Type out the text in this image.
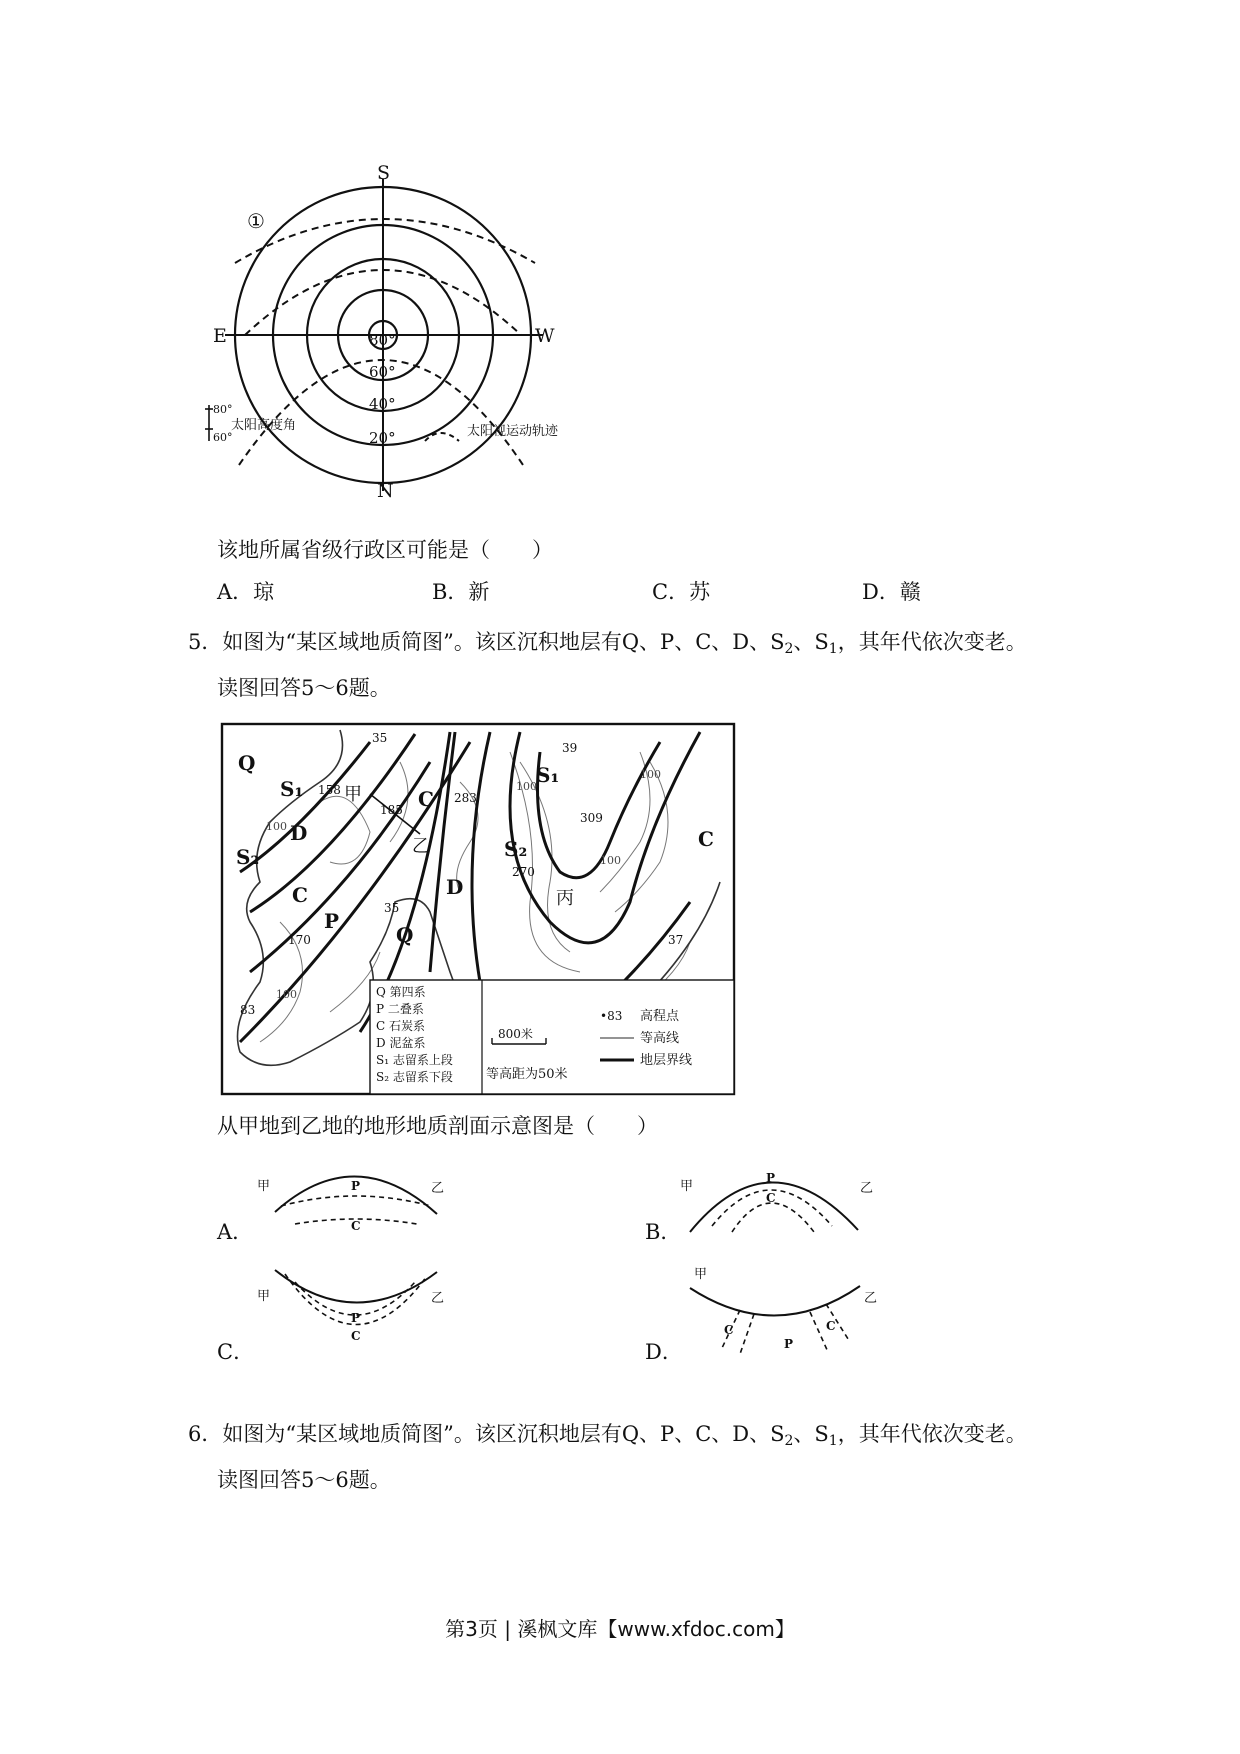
S
N
E	W
80°
60°
40°
20°
①
80°
60°
太阳高度角	太阳视运动轨迹
该地所属省级行政区可能是（　　）
A．琼	B．新	C．苏	D．赣
5．如图为“某区域地质简图”。该区沉积地层有Q、P、C、D、$S_2$、$S_1$，其年代依次变老。
读图回答5～6题。
Q
S₁
D
S₂
C
P
C
S₁
S₂
D
Q
C
甲
乙
丙
35
158
185
283
39
309
270
35
170
83
37
100
100
100
100
100
Q 第四系
P 二叠系
C 石炭系
D 泥盆系
S₁ 志留系上段
S₂ 志留系下段
800米
等高距为50米
•83 高程点
等高线
地层界线
从甲地到乙地的地形地质剖面示意图是（　　）
A．
甲	乙
P
C	B．
甲	乙
P
C
C．
甲	乙
P
C
D．
甲
乙
C
P
C
6．如图为“某区域地质简图”。该区沉积地层有Q、P、C、D、$S_2$、$S_1$，其年代依次变老。
读图回答5～6题。
第3页 | 溪枫文库【www.xfdoc.com】
